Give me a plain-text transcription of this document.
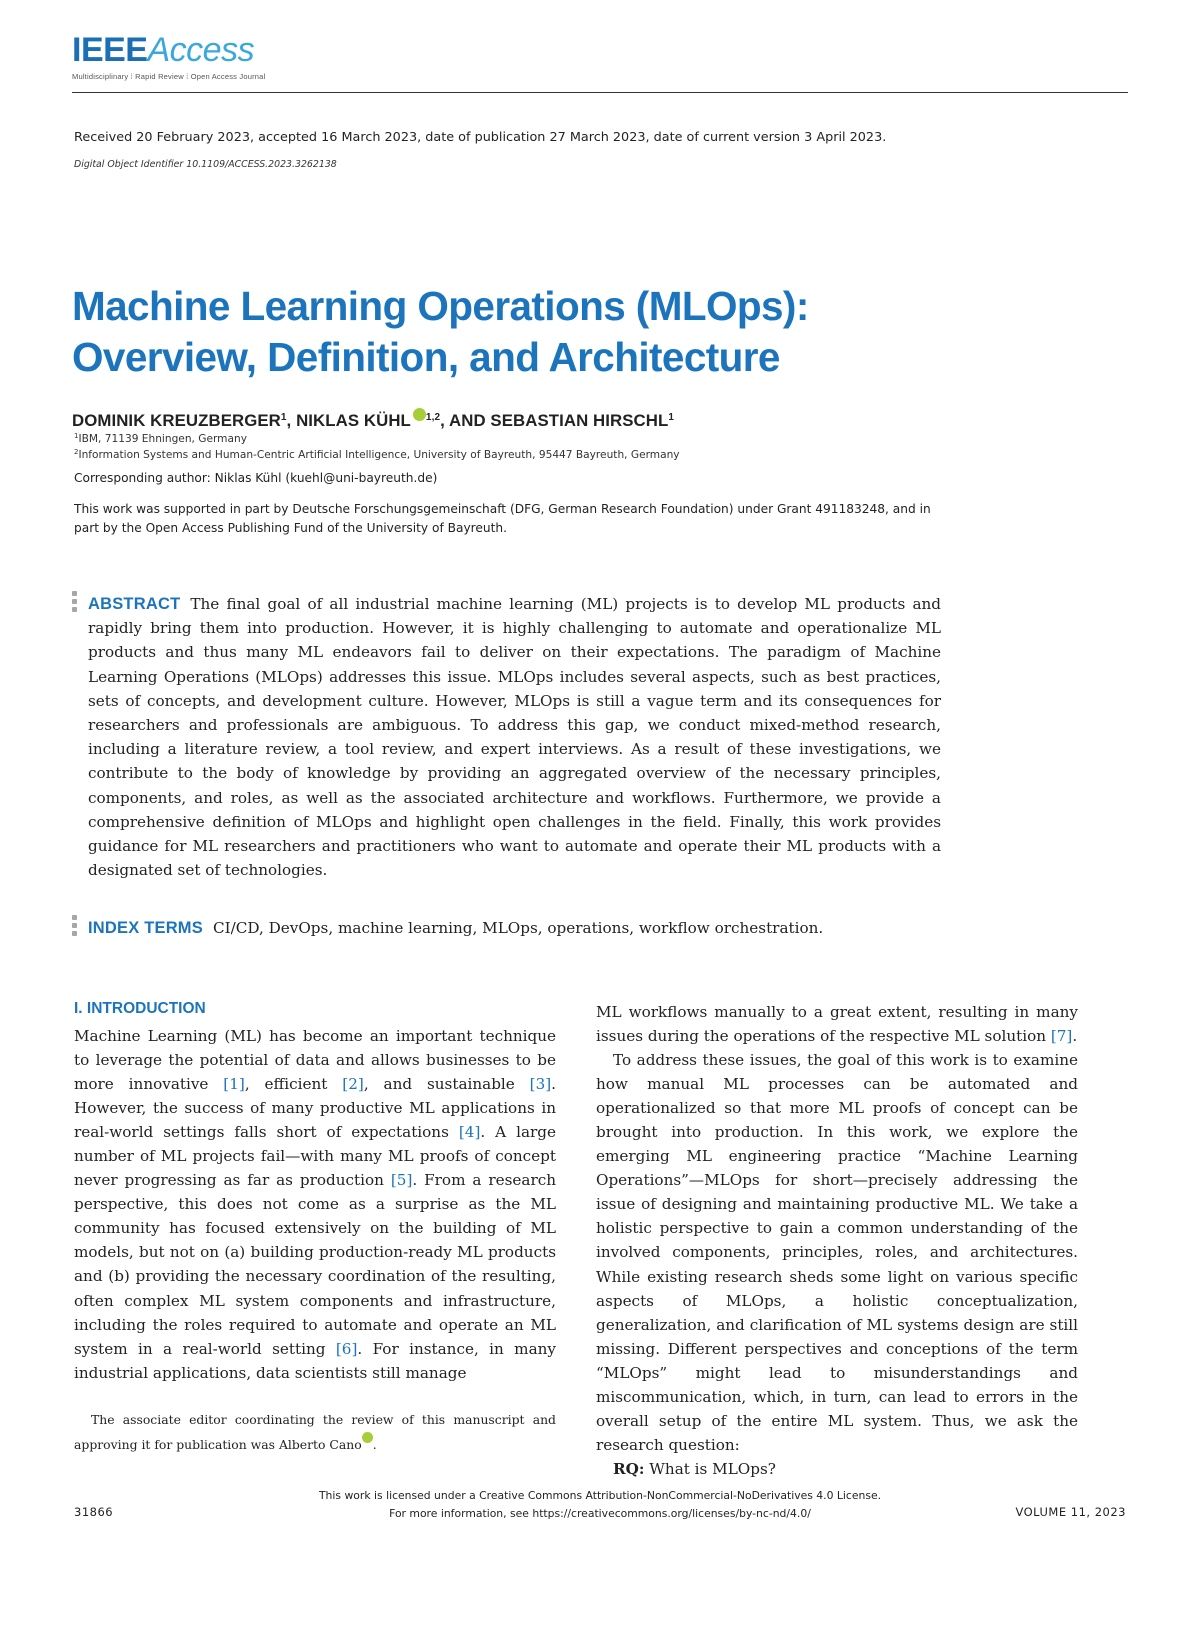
IEEEAccess
Multidisciplinary ⁞ Rapid Review ⁞ Open Access Journal
Received 20 February 2023, accepted 16 March 2023, date of publication 27 March 2023, date of current version 3 April 2023.
Digital Object Identifier 10.1109/ACCESS.2023.3262138
Machine Learning Operations (MLOps):
Overview, Definition, and Architecture
DOMINIK KREUZBERGER$^1$, NIKLAS KÜHL $^{1,2}$, AND SEBASTIAN HIRSCHL$^1$
$^1$IBM, 71139 Ehningen, Germany
$^2$Information Systems and Human-Centric Artificial Intelligence, University of Bayreuth, 95447 Bayreuth, Germany
Corresponding author: Niklas Kühl (kuehl@uni-bayreuth.de)
This work was supported in part by Deutsche Forschungsgemeinschaft (DFG, German Research Foundation) under Grant 491183248, and in part by the Open Access Publishing Fund of the University of Bayreuth.
ABSTRACT The final goal of all industrial machine learning (ML) projects is to develop ML products and rapidly bring them into production. However, it is highly challenging to automate and operationalize ML products and thus many ML endeavors fail to deliver on their expectations. The paradigm of Machine Learning Operations (MLOps) addresses this issue. MLOps includes several aspects, such as best practices, sets of concepts, and development culture. However, MLOps is still a vague term and its consequences for researchers and professionals are ambiguous. To address this gap, we conduct mixed-method research, including a literature review, a tool review, and expert interviews. As a result of these investigations, we contribute to the body of knowledge by providing an aggregated overview of the necessary principles, components, and roles, as well as the associated architecture and workflows. Furthermore, we provide a comprehensive definition of MLOps and highlight open challenges in the field. Finally, this work provides guidance for ML researchers and practitioners who want to automate and operate their ML products with a designated set of technologies.
INDEX TERMS CI/CD, DevOps, machine learning, MLOps, operations, workflow orchestration.
I. INTRODUCTION

Machine Learning (ML) has become an important technique to leverage the potential of data and allows businesses to be more innovative [1], efficient [2], and sustainable [3]. However, the success of many productive ML applications in real-world settings falls short of expectations [4]. A large number of ML projects fail—with many ML proofs of concept never progressing as far as production [5]. From a research perspective, this does not come as a surprise as the ML community has focused extensively on the building of ML models, but not on (a) building production-ready ML products and (b) providing the necessary coordination of the resulting, often complex ML system components and infrastructure, including the roles required to automate and operate an ML system in a real-world setting [6]. For instance, in many industrial applications, data scientists still manage

ML workflows manually to a great extent, resulting in many issues during the operations of the respective ML solution [7].

To address these issues, the goal of this work is to examine how manual ML processes can be automated and operationalized so that more ML proofs of concept can be brought into production. In this work, we explore the emerging ML engineering practice “Machine Learning Operations”—MLOps for short—precisely addressing the issue of designing and maintaining productive ML. We take a holistic perspective to gain a common understanding of the involved components, principles, roles, and architectures. While existing research sheds some light on various specific aspects of MLOps, a holistic conceptualization, generalization, and clarification of ML systems design are still missing. Different perspectives and conceptions of the term “MLOps” might lead to misunderstandings and miscommunication, which, in turn, can lead to errors in the overall setup of the entire ML system. Thus, we ask the research question:

RQ: What is MLOps?

The associate editor coordinating the review of this manuscript and approving it for publication was Alberto Cano .
This work is licensed under a Creative Commons Attribution-NonCommercial-NoDerivatives 4.0 License.
For more information, see https://creativecommons.org/licenses/by-nc-nd/4.0/
31866	VOLUME 11, 2023
